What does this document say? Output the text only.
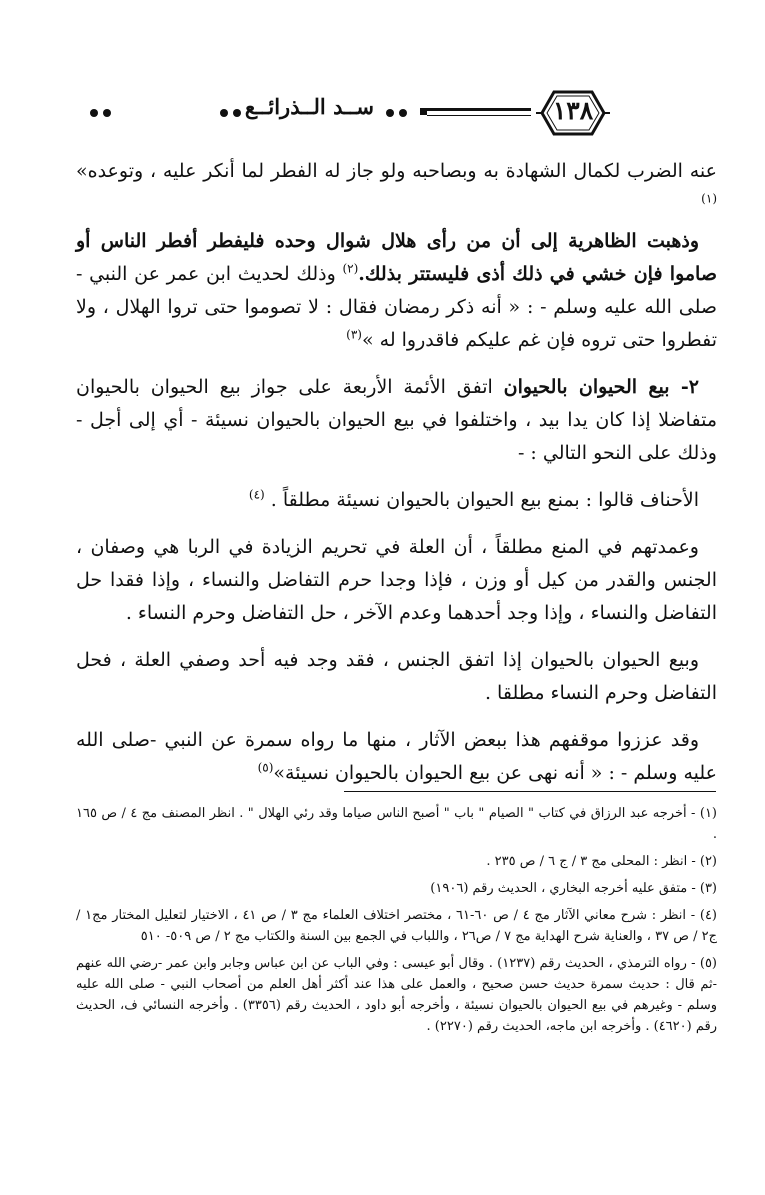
ســد الــذرائــع	١٣٨

عنه الضرب لكمال الشهادة به وبصاحبه ولو جاز له الفطر لما أنكر عليه ، وتوعده» $^{(١)}$

وذهبت الظاهرية إلى أن من رأى هلال شوال وحده فليفطر أفطر الناس أو صاموا فإن خشي في ذلك أذى فليستتر بذلك.$^{(٢)}$ وذلك لحديث ابن عمر عن النبي - صلى الله عليه وسلم - : « أنه ذكر رمضان فقال : لا تصوموا حتى تروا الهلال ، ولا تفطروا حتى تروه فإن غم عليكم فاقدروا له »$^{(٣)}$

٢- بيع الحيوان بالحيوان اتفق الأئمة الأربعة على جواز بيع الحيوان بالحيوان متفاضلا إذا كان يدا بيد ، واختلفوا في بيع الحيوان بالحيوان نسيئة - أي إلى أجل - وذلك على النحو التالي : -

الأحناف قالوا : بمنع بيع الحيوان بالحيوان نسيئة مطلقاً . $^{(٤)}$

وعمدتهم في المنع مطلقاً ، أن العلة في تحريم الزيادة في الربا هي وصفان ، الجنس والقدر من كيل أو وزن ، فإذا وجدا حرم التفاضل والنساء ، وإذا فقدا حل التفاضل والنساء ، وإذا وجد أحدهما وعدم الآخر ، حل التفاضل وحرم النساء .

وبيع الحيوان بالحيوان إذا اتفق الجنس ، فقد وجد فيه أحد وصفي العلة ، فحل التفاضل وحرم النساء مطلقا .

وقد عززوا موقفهم هذا ببعض الآثار ، منها ما رواه سمرة عن النبي -صلى الله عليه وسلم - : « أنه نهى عن بيع الحيوان بالحيوان نسيئة»$^{(٥)}$

(١) - أخرجه عبد الرزاق في كتاب " الصيام " باب " أصبح الناس صياما وقد رئي الهلال " . انظر المصنف مج ٤ / ص ١٦٥ .

(٢) - انظر : المحلى مج ٣ / ج ٦ / ص ٢٣٥ .

(٣) - متفق عليه أخرجه البخاري ، الحديث رقم (١٩٠٦)

(٤) - انظر : شرح معاني الآثار مج ٤ / ص ٦٠-٦١ ، مختصر اختلاف العلماء مج ٣ / ص ٤١ ، الاختيار لتعليل المختار مج١ / ج٢ / ص ٣٧ ، والعناية شرح الهداية مج ٧ / ص٢٦ ، واللباب في الجمع بين السنة والكتاب مج ٢ / ص ٥٠٩- ٥١٠

(٥) - رواه الترمذي ، الحديث رقم (١٢٣٧) . وقال أبو عيسى : وفي الباب عن ابن عباس وجابر وابن عمر -رضي الله عنهم -ثم قال : حديث سمرة حديث حسن صحيح ، والعمل على هذا عند أكثر أهل العلم من أصحاب النبي - صلى الله عليه وسلم - وغيرهم في بيع الحيوان بالحيوان نسيئة ، وأخرجه أبو داود ، الحديث رقم (٣٣٥٦) . وأخرجه النسائي ف، الحديث رقم (٤٦٢٠) . وأخرجه ابن ماجه، الحديث رقم (٢٢٧٠) .
